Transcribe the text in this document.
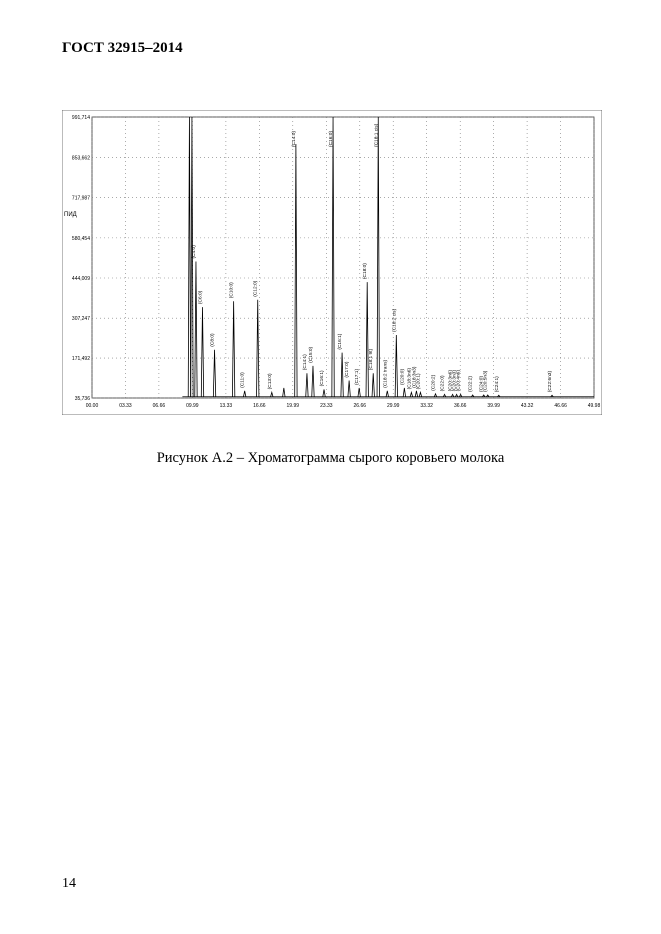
ГОСТ 32915–2014
35,736
171,492
307,247
444,009
580,454
717,987
853,662
991,714
00.00	03.33	06.66	09.99	13.33	16.66	19.99	23.33	26.66	29.99	33.32	36.66	39.99	43.32	46.66	49.98
ПИД
(C4:0)
(C6:0)
(C8:0)
(C10:0)
(C11:0)
(C12:0)
(C13:0)
(C14:0)
(C14:1) (C15:0)
(C16:1)
(C16:0)
(C16:1)
(C17:0) (C17:1)
(C18:0)
(C18:1 9t)
(C18:1 cis)
(C18:2 trans)
(C18:2 cis)
(C20:0) (C18:3n6) (C18:3n3) (C20:1) (C20:2) (C22:0) (C20:3n6) (C20:3n3) (C20:4n6) (C22:2) (C24:0) (C20:5n3) (C24:1)	(C22:6n3)
Рисунок А.2 – Хроматограмма сырого коровьего молока
14
